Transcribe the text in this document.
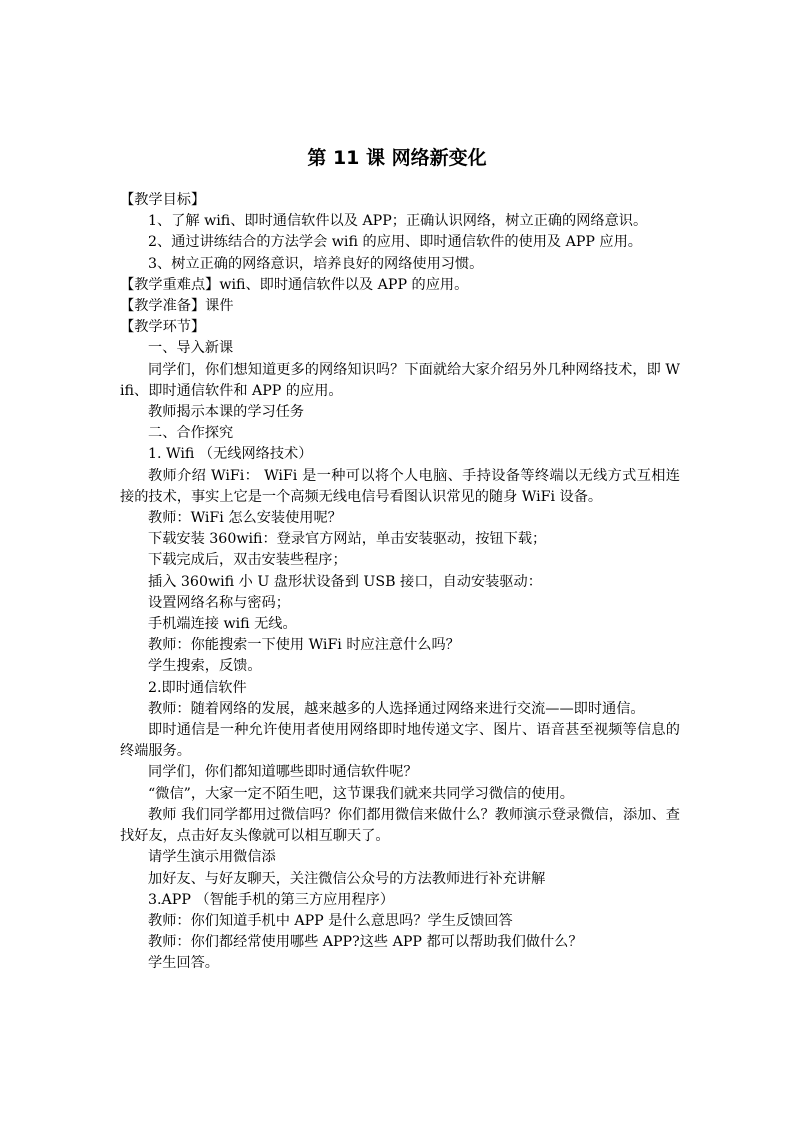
第 11 课 网络新变化

【教学目标】

1、了解 wifi、即时通信软件以及 APP；正确认识网络，树立正确的网络意识。

2、通过讲练结合的方法学会 wifi 的应用、即时通信软件的使用及 APP 应用。

3、树立正确的网络意识，培养良好的网络使用习惯。

【教学重难点】wifi、即时通信软件以及 APP 的应用。

【教学准备】课件

【教学环节】

一、导入新课

同学们，你们想知道更多的网络知识吗？下面就给大家介绍另外几种网络技术，即 Wifi、即时通信软件和 APP 的应用。

教师揭示本课的学习任务

二、合作探究

1. Wifi （无线网络技术）

教师介绍 WiFi： WiFi 是一种可以将个人电脑、手持设备等终端以无线方式互相连接的技术，事实上它是一个高频无线电信号看图认识常见的随身 WiFi 设备。

教师：WiFi 怎么安装使用呢？

下载安装 360wifi：登录官方网站，单击安装驱动，按钮下载；

下载完成后，双击安装些程序；

插入 360wifi 小 U 盘形状设备到 USB 接口，自动安装驱动：

设置网络名称与密码；

手机端连接 wifi 无线。

教师：你能搜索一下使用 WiFi 时应注意什么吗？

学生搜索，反馈。

2.即时通信软件

教师：随着网络的发展，越来越多的人选择通过网络来进行交流——即时通信。

即时通信是一种允许使用者使用网络即时地传递文字、图片、语音甚至视频等信息的终端服务。

同学们，你们都知道哪些即时通信软件呢？

“微信”，大家一定不陌生吧，这节课我们就来共同学习微信的使用。

教师 我们同学都用过微信吗？你们都用微信来做什么？教师演示登录微信，添加、查找好友，点击好友头像就可以相互聊天了。

请学生演示用微信添

加好友、与好友聊天，关注微信公众号的方法教师进行补充讲解

3.APP （智能手机的第三方应用程序）

教师：你们知道手机中 APP 是什么意思吗？学生反馈回答

教师：你们都经常使用哪些 APP?这些 APP 都可以帮助我们做什么？

学生回答。
